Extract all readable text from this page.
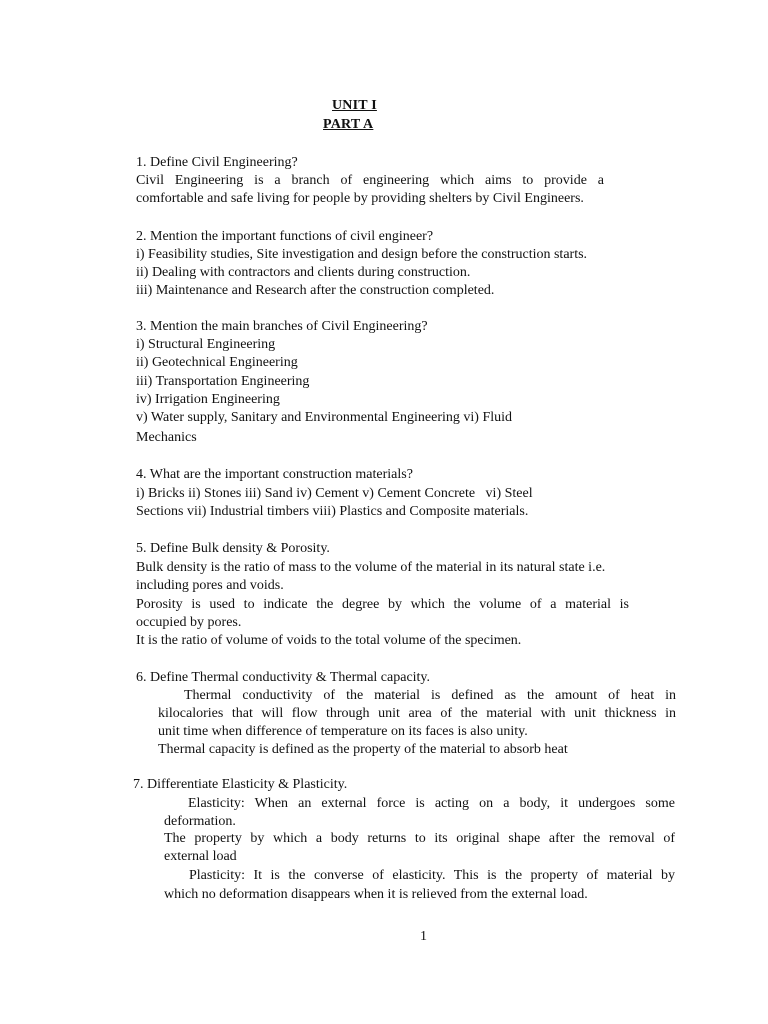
UNIT I
PART A
1. Define Civil Engineering?
Civil Engineering is a branch of engineering which aims to provide a
comfortable and safe living for people by providing shelters by Civil Engineers.
2. Mention the important functions of civil engineer?
i) Feasibility studies, Site investigation and design before the construction starts.
ii) Dealing with contractors and clients during construction.
iii) Maintenance and Research after the construction completed.
3. Mention the main branches of Civil Engineering?
i) Structural Engineering
ii) Geotechnical Engineering
iii) Transportation Engineering
iv) Irrigation Engineering
v) Water supply, Sanitary and Environmental Engineering vi) Fluid
Mechanics
4. What are the important construction materials?
i) Bricks ii) Stones iii) Sand iv) Cement v) Cement Concrete   vi) Steel
Sections vii) Industrial timbers viii) Plastics and Composite materials.
5. Define Bulk density & Porosity.
Bulk density is the ratio of mass to the volume of the material in its natural state i.e.
including pores and voids.
Porosity is used to indicate the degree by which the volume of a material is
occupied by pores.
It is the ratio of volume of voids to the total volume of the specimen.
6. Define Thermal conductivity & Thermal capacity.
Thermal conductivity of the material is defined as the amount of heat in
kilocalories that will flow through unit area of the material with unit thickness in
unit time when difference of temperature on its faces is also unity.
Thermal capacity is defined as the property of the material to absorb heat
7. Differentiate Elasticity & Plasticity.
Elasticity: When an external force is acting on a body, it undergoes some
deformation.
The property by which a body returns to its original shape after the removal of
external load
Plasticity: It is the converse of elasticity. This is the property of material by
which no deformation disappears when it is relieved from the external load.
1
